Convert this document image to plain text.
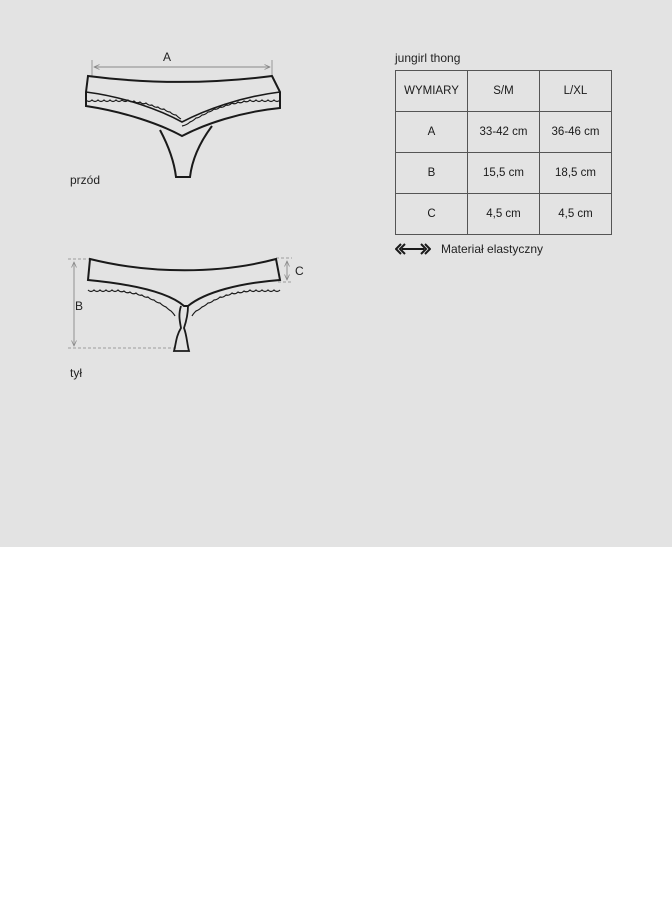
A
B
C
przód
tył
jungirl thong
WYMIARY	S/M	L/XL
A	33-42 cm	36-46 cm
B	15,5 cm	18,5 cm
C	4,5 cm	4,5 cm
Materiał elastyczny
